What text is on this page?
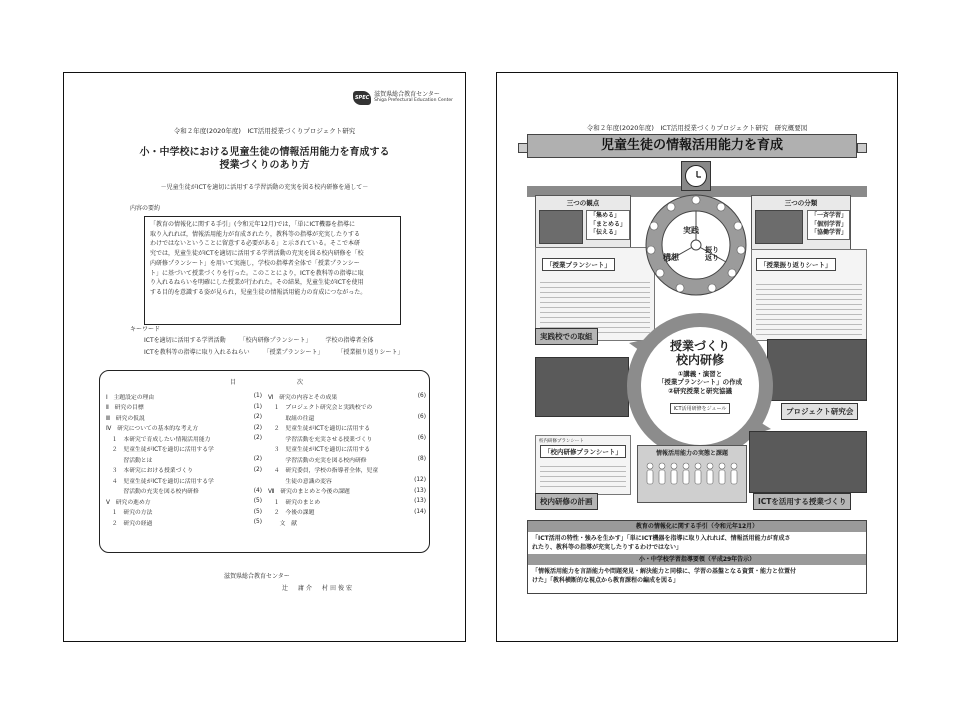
SPEC 滋賀県総合教育センター
Shiga Prefectural Education Center
令和２年度(2020年度)　ICT活用授業づくりプロジェクト研究
小・中学校における児童生徒の情報活用能力を育成する
授業づくりのあり方
－児童生徒がICTを適切に活用する学習活動の充実を図る校内研修を通して－
内容の要約
「教育の情報化に関する手引」(令和元年12月)では，「単にICT機器を指導に
取り入れれば，情報活用能力が育成されたり，教科等の指導が充実したりする
わけではないということに留意する必要がある」と示されている。そこで本研
究では，児童生徒がICTを適切に活用する学習活動の充実を図る校内研修を「校
内研修プランシート」を用いて実施し，学校の指導者全体で「授業プランシー
ト」に基づいて授業づくりを行った。このことにより，ICTを教科等の指導に取
り入れるねらいを明確にした授業が行われた。その結果，児童生徒がICTを使用
する目的を意識する姿が見られ，児童生徒の情報活用能力の育成につながった。
キーワード
ICTを適切に活用する学習活動 「校内研修プランシート」 学校の指導者全体
ICTを教科等の指導に取り入れるねらい 「授業プランシート」 「授業振り返りシート」
目	次
Ⅰ　主題設定の理由	(1)
Ⅱ　研究の目標	(1)
Ⅲ　研究の仮説	(2)
Ⅳ　研究についての基本的な考え方	(2)
　１　本研究で育成したい情報活用能力	(2)
　２　児童生徒がICTを適切に活用する学
　　　習活動とは	(2)
　３　本研究における授業づくり	(2)
　４　児童生徒がICTを適切に活用する学
　　　習活動の充実を図る校内研修	(4)
Ⅴ　研究の進め方	(5)
　１　研究の方法	(5)
　２　研究の経過	(5)
Ⅵ　研究の内容とその成果	(6)
　１　プロジェクト研究会と実践校での
　　　取組の往還	(6)
　２　児童生徒がICTを適切に活用する
　　　学習活動を充実させる授業づくり	(6)
　３　児童生徒がICTを適切に活用する
　　　学習活動の充実を図る校内研修	(8)
　４　研究委員，学校の指導者全体，児童
　　　生徒の意識の変容	(12)
Ⅶ　研究のまとめと今後の課題	(13)
　１　研究のまとめ	(13)
　２　今後の課題	(14)
　　文　献
滋賀県総合教育センター
辻　庸介　村田俊宏
令和２年度(2020年度)　ICT活用授業づくりプロジェクト研究　研究概要図
児童生徒の情報活用能力を育成
三つの観点
「集める」
「まとめる」
「伝える」
三つの分類
「一斉学習」
「個別学習」
「協働学習」
「授業プランシート」	「授業振り返りシート」
実践
構想
振り
返り
実践校での取組
授業づくり
校内研修
①講義・演習と
「授業プランシート」の作成
②研究授業と研究協議
ICT活用研修をジュール	プロジェクト研究会
校内研修プランシート
「校内研修プランシート」
校内研修の計画
情報活用能力の実態と課題
ICTを活用する授業づくり
教育の情報化に関する手引（令和元年12月）
「ICT活用の特性・強みを生かす」「単にICT機器を指導に取り入れれば、情報活用能力が育成さ
れたり、教科等の指導が充実したりするわけではない」
小・中学校学習指導要領（平成29年告示）
「情報活用能力を言語能力や問題発見・解決能力と同様に、学習の基盤となる資質・能力と位置付
けた」「教科横断的な視点から教育課程の編成を図る」
